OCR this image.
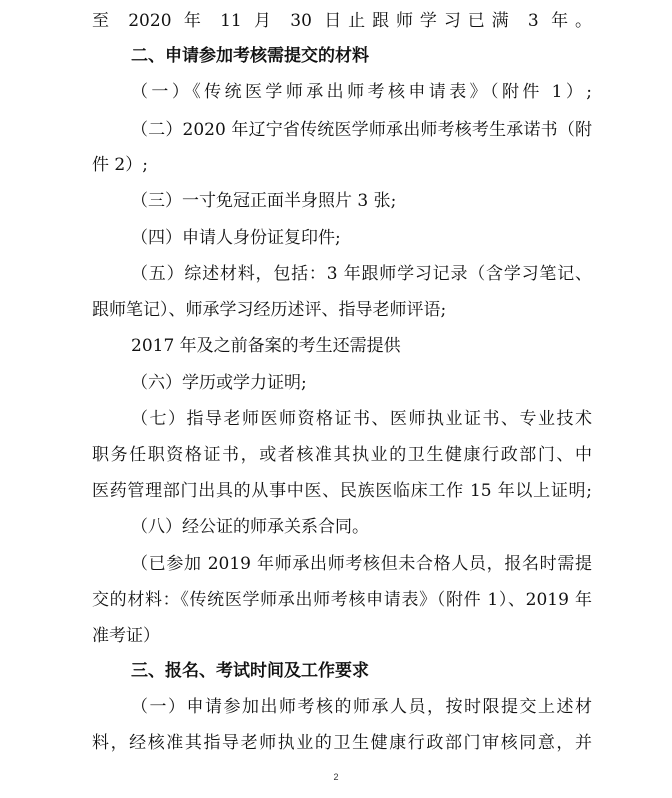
至 2020 年 11 月 30 日止跟师学习已满 3 年。
二、申请参加考核需提交的材料
（一）《传统医学师承出师考核申请表》（附件 1）;
（二）2020 年辽宁省传统医学师承出师考核考生承诺书（附
件 2）;
（三）一寸免冠正面半身照片 3 张;
（四）申请人身份证复印件;
（五）综述材料，包括：3 年跟师学习记录（含学习笔记、
跟师笔记）、师承学习经历述评、指导老师评语;
2017 年及之前备案的考生还需提供
（六）学历或学力证明;
（七）指导老师医师资格证书、医师执业证书、专业技术
职务任职资格证书，或者核准其执业的卫生健康行政部门、中
医药管理部门出具的从事中医、民族医临床工作 15 年以上证明;
（八）经公证的师承关系合同。
（已参加 2019 年师承出师考核但未合格人员，报名时需提
交的材料：《传统医学师承出师考核申请表》（附件 1）、2019 年
准考证）
三、报名、考试时间及工作要求
（一）申请参加出师考核的师承人员，按时限提交上述材
料，经核准其指导老师执业的卫生健康行政部门审核同意，并
2
